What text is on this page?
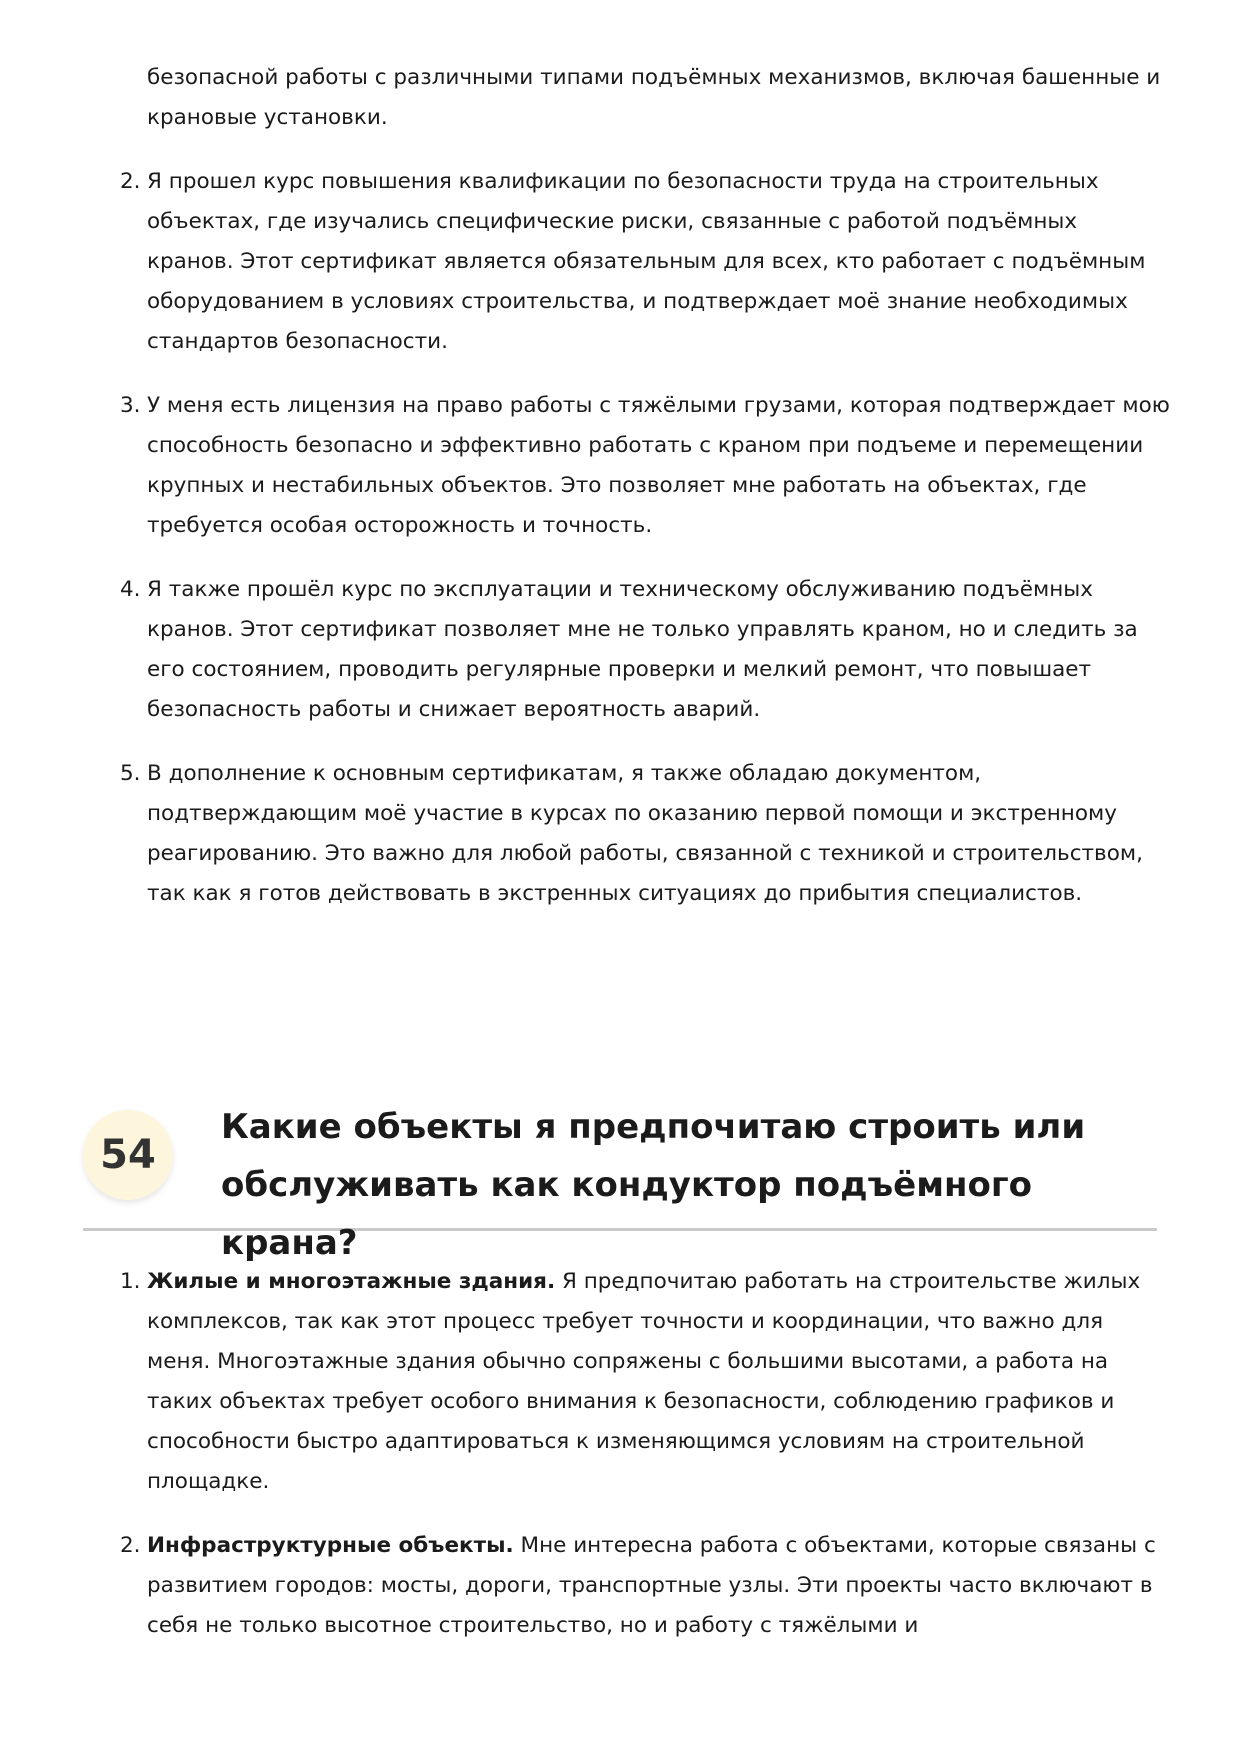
безопасной работы с различными типами подъёмных механизмов, включая башенные и крановые установки.
2. Я прошел курс повышения квалификации по безопасности труда на строительных объектах, где изучались специфические риски, связанные с работой подъёмных кранов. Этот сертификат является обязательным для всех, кто работает с подъёмным оборудованием в условиях строительства, и подтверждает моё знание необходимых стандартов безопасности.
3. У меня есть лицензия на право работы с тяжёлыми грузами, которая подтверждает мою способность безопасно и эффективно работать с краном при подъеме и перемещении крупных и нестабильных объектов. Это позволяет мне работать на объектах, где требуется особая осторожность и точность.
4. Я также прошёл курс по эксплуатации и техническому обслуживанию подъёмных кранов. Этот сертификат позволяет мне не только управлять краном, но и следить за его состоянием, проводить регулярные проверки и мелкий ремонт, что повышает безопасность работы и снижает вероятность аварий.
5. В дополнение к основным сертификатам, я также обладаю документом, подтверждающим моё участие в курсах по оказанию первой помощи и экстренному реагированию. Это важно для любой работы, связанной с техникой и строительством, так как я готов действовать в экстренных ситуациях до прибытия специалистов.
54
Какие объекты я предпочитаю строить или обслуживать как кондуктор подъёмного крана?
1. Жилые и многоэтажные здания. Я предпочитаю работать на строительстве жилых комплексов, так как этот процесс требует точности и координации, что важно для меня. Многоэтажные здания обычно сопряжены с большими высотами, а работа на таких объектах требует особого внимания к безопасности, соблюдению графиков и способности быстро адаптироваться к изменяющимся условиям на строительной площадке.
2. Инфраструктурные объекты. Мне интересна работа с объектами, которые связаны с развитием городов: мосты, дороги, транспортные узлы. Эти проекты часто включают в себя не только высотное строительство, но и работу с тяжёлыми и
